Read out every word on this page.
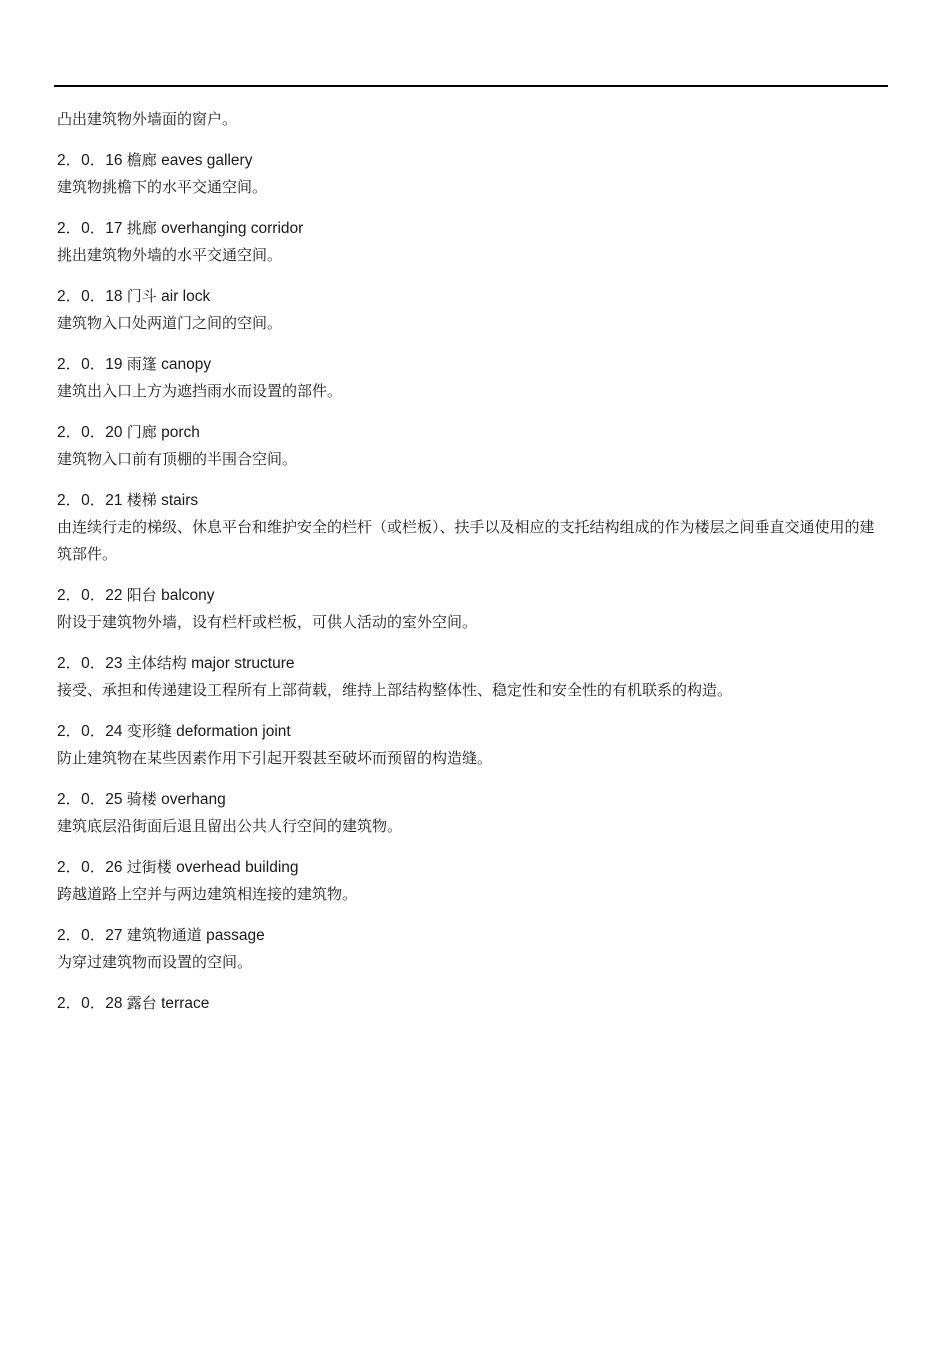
凸出建筑物外墙面的窗户。

2．0．16 檐廊 eaves gallery

建筑物挑檐下的水平交通空间。

2．0．17 挑廊 overhanging corridor

挑出建筑物外墙的水平交通空间。

2．0．18 门斗 air lock

建筑物入口处两道门之间的空间。

2．0．19 雨篷 canopy

建筑出入口上方为遮挡雨水而设置的部件。

2．0．20 门廊 porch

建筑物入口前有顶棚的半围合空间。

2．0．21 楼梯 stairs

由连续行走的梯级、休息平台和维护安全的栏杆（或栏板）、扶手以及相应的支托结构组成的作为楼层之间垂直交通使用的建筑部件。

2．0．22 阳台 balcony

附设于建筑物外墙，设有栏杆或栏板，可供人活动的室外空间。

2．0．23 主体结构 major structure

接受、承担和传递建设工程所有上部荷载，维持上部结构整体性、稳定性和安全性的有机联系的构造。

2．0．24 变形缝 deformation joint

防止建筑物在某些因素作用下引起开裂甚至破坏而预留的构造缝。

2．0．25 骑楼 overhang

建筑底层沿街面后退且留出公共人行空间的建筑物。

2．0．26 过街楼 overhead building

跨越道路上空并与两边建筑相连接的建筑物。

2．0．27 建筑物通道 passage

为穿过建筑物而设置的空间。

2．0．28 露台 terrace
